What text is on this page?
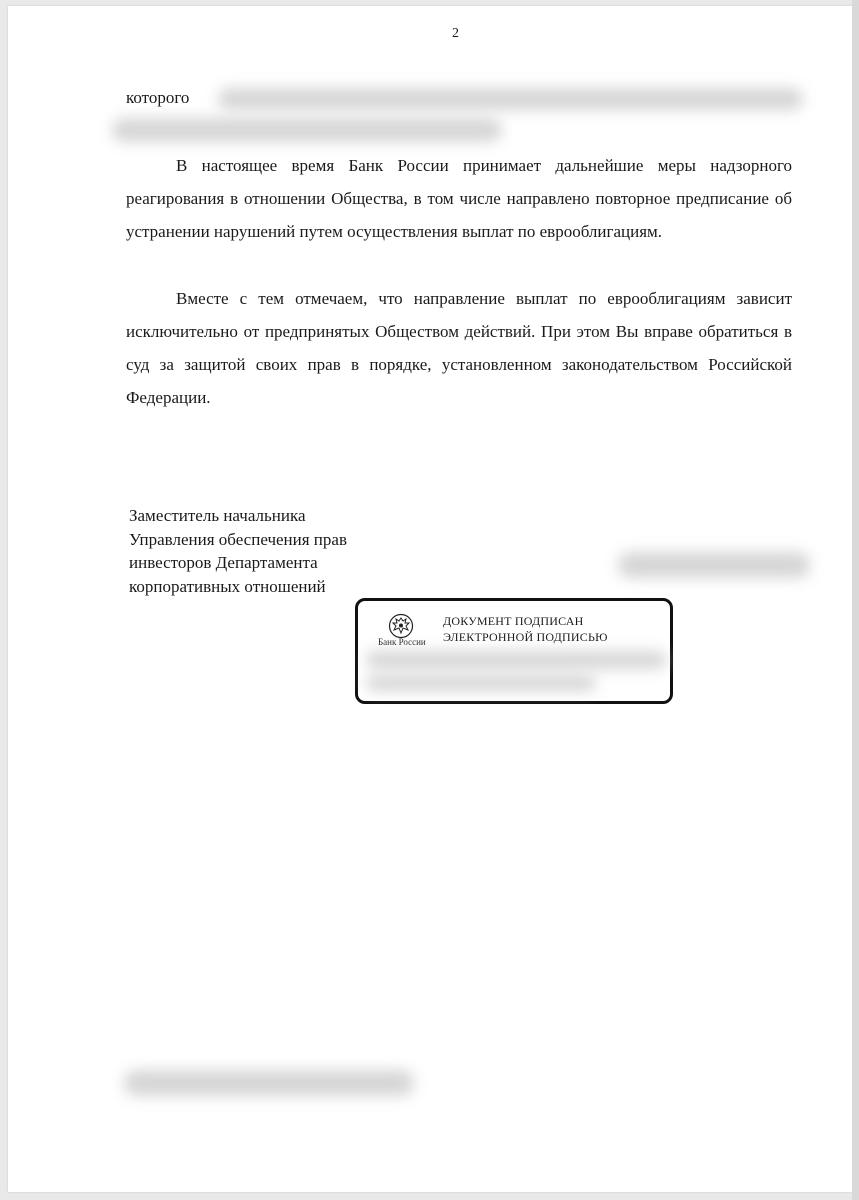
2
которого

В настоящее время Банк России принимает дальнейшие меры надзорного реагирования в отношении Общества, в том числе направлено повторное предписание об устранении нарушений путем осуществления выплат по еврооблигациям.

Вместе с тем отмечаем, что направление выплат по еврооблигациям зависит исключительно от предпринятых Обществом действий. При этом Вы вправе обратиться в суд за защитой своих прав в порядке, установленном законодательством Российской Федерации.

Заместитель начальника
Управления обеспечения прав
инвесторов Департамента
корпоративных отношений
Банк России
ДОКУМЕНТ ПОДПИСАН
ЭЛЕКТРОННОЙ ПОДПИСЬЮ
